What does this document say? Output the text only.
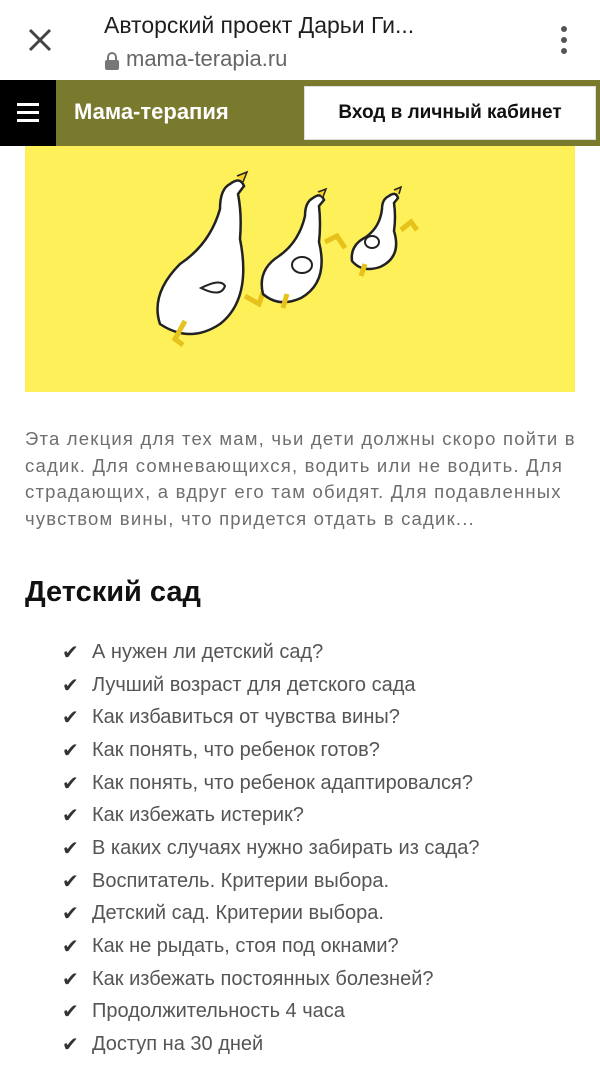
Авторский проект Дарьи Ги...
mama-terapia.ru
Мама-терапия	Вход в личный кабинет
Эта лекция для тех мам, чьи дети должны скоро пойти в садик. Для сомневающихся, водить или не водить. Для страдающих, а вдруг его там обидят. Для подавленных чувством вины, что придется отдать в садик...
Детский сад
✔ А нужен ли детский сад?
✔ Лучший возраст для детского сада
✔ Как избавиться от чувства вины?
✔ Как понять, что ребенок готов?
✔ Как понять, что ребенок адаптировался?
✔ Как избежать истерик?
✔ В каких случаях нужно забирать из сада?
✔ Воспитатель. Критерии выбора.
✔ Детский сад. Критерии выбора.
✔ Как не рыдать, стоя под окнами?
✔ Как избежать постоянных болезней?
✔ Продолжительность 4 часа
✔ Доступ на 30 дней
